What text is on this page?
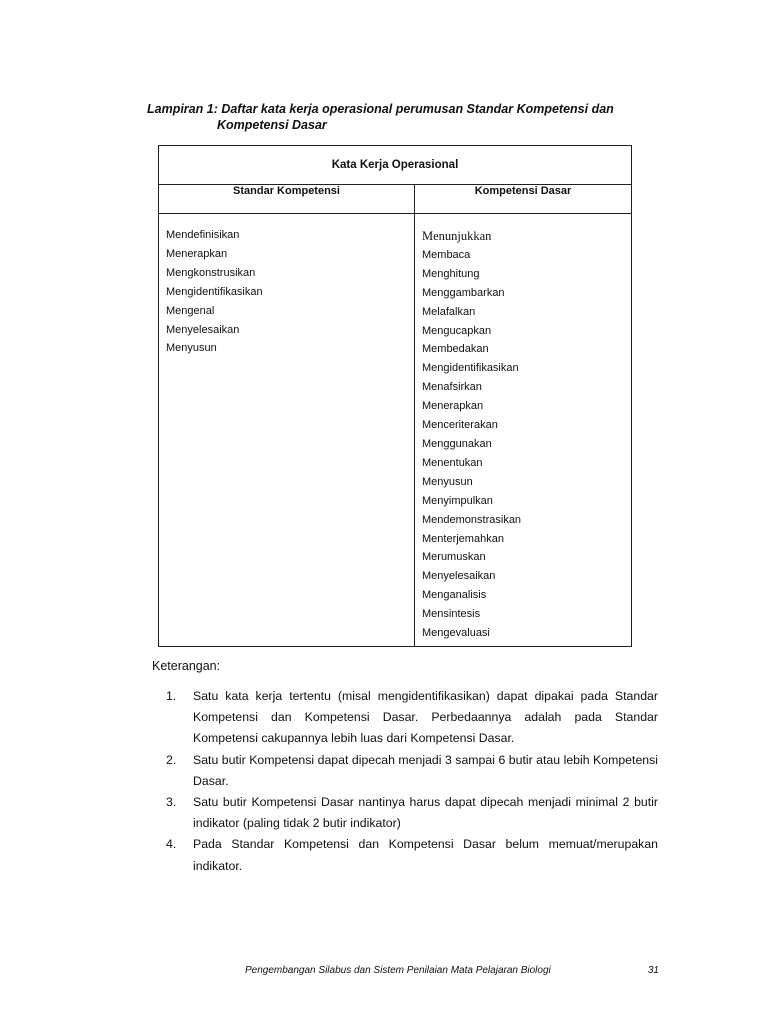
Lampiran 1: Daftar kata kerja operasional perumusan Standar Kompetensi dan
Kompetensi Dasar
Kata Kerja Operasional
Standar Kompetensi	Kompetensi Dasar
Mendefinisikan
Menerapkan
Mengkonstrusikan
Mengidentifikasikan
Mengenal
Menyelesaikan
Menyusun
Menunjukkan
Membaca
Menghitung
Menggambarkan
Melafalkan
Mengucapkan
Membedakan
Mengidentifikasikan
Menafsirkan
Menerapkan
Menceriterakan
Menggunakan
Menentukan
Menyusun
Menyimpulkan
Mendemonstrasikan
Menterjemahkan
Merumuskan
Menyelesaikan
Menganalisis
Mensintesis
Mengevaluasi
Keterangan:
1. Satu kata kerja tertentu (misal mengidentifikasikan) dapat dipakai pada Standar Kompetensi dan Kompetensi Dasar. Perbedaannya adalah pada Standar Kompetensi cakupannya lebih luas dari Kompetensi Dasar.
2. Satu butir Kompetensi dapat dipecah menjadi 3 sampai 6 butir atau lebih Kompetensi Dasar.
3. Satu butir Kompetensi Dasar nantinya harus dapat dipecah menjadi minimal 2 butir indikator (paling tidak 2 butir indikator)
4. Pada Standar Kompetensi dan Kompetensi Dasar belum memuat/merupakan indikator.
Pengembangan Silabus dan Sistem Penilaian Mata Pelajaran Biologi	31
